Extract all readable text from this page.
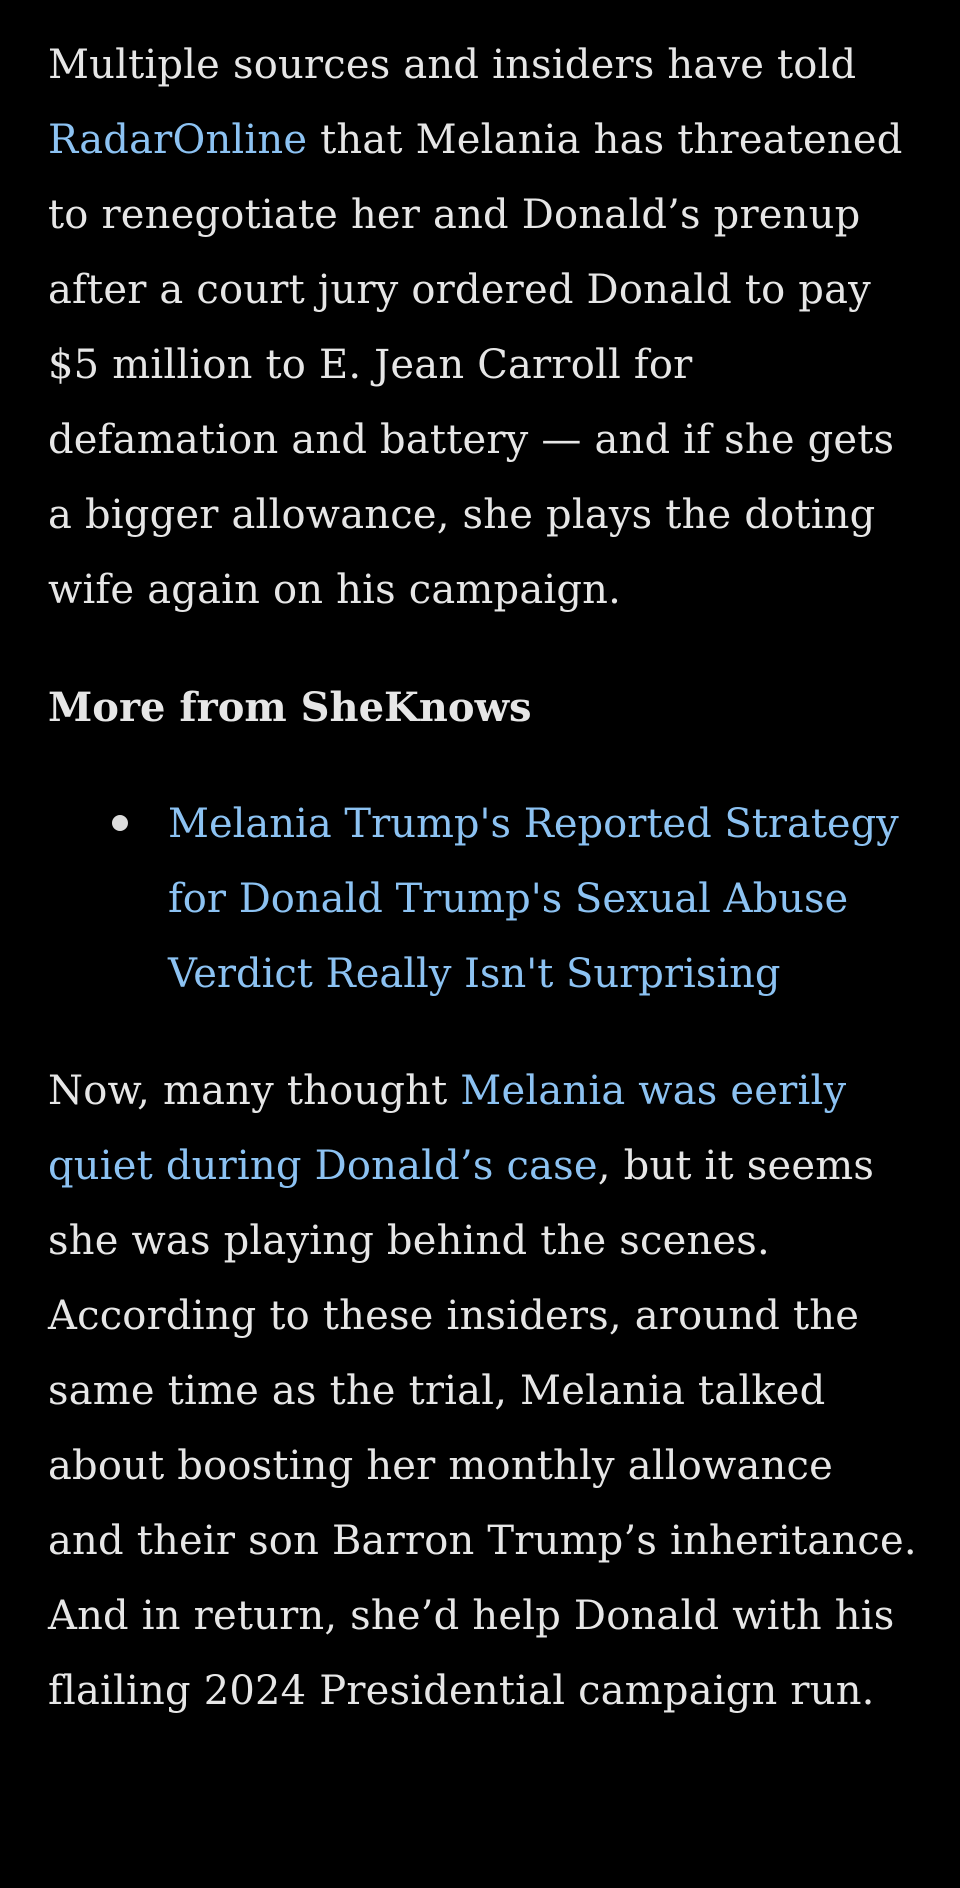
Multiple sources and insiders have told RadarOnline that Melania has threatened to renegotiate her and Donald’s prenup after a court jury ordered Donald to pay $5 million to E. Jean Carroll for defamation and battery — and if she gets a bigger allowance, she plays the doting wife again on his campaign.

More from SheKnows
Melania Trump's Reported Strategy for Donald Trump's Sexual Abuse Verdict Really Isn't Surprising

Now, many thought Melania was eerily quiet during Donald’s case, but it seems she was playing behind the scenes. According to these insiders, around the same time as the trial, Melania talked about boosting her monthly allowance and their son Barron Trump’s inheritance. And in return, she’d help Donald with his flailing 2024 Presidential campaign run.
